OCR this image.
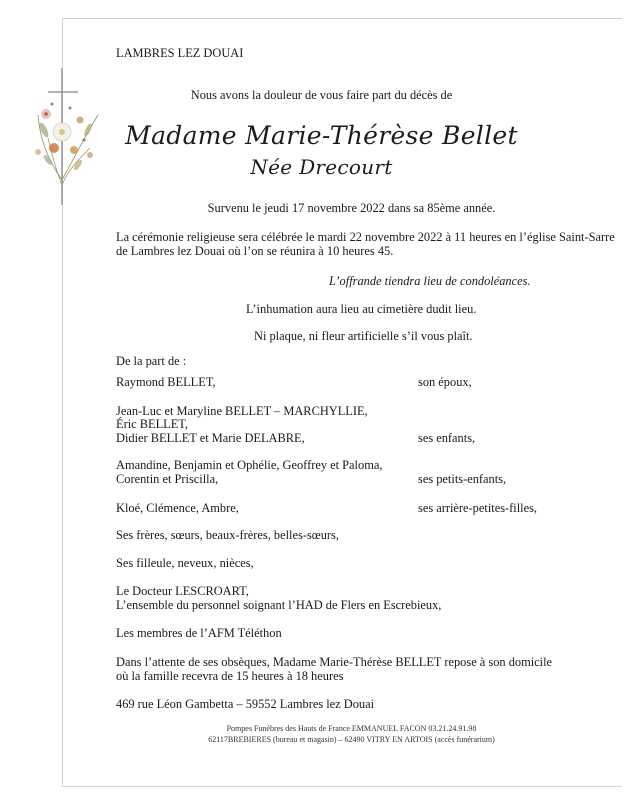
LAMBRES LEZ DOUAI
Nous avons la douleur de vous faire part du décès de
Madame Marie-Thérèse Bellet
Née Drecourt
Survenu le jeudi 17 novembre 2022 dans sa 85ème année.
La cérémonie religieuse sera célébrée le mardi 22 novembre 2022 à 11 heures en l’église Saint-Sarre
de Lambres lez Douai où l’on se réunira à 10 heures 45.
L’offrande tiendra lieu de condoléances.
L’inhumation aura lieu au cimetière dudit lieu.
Ni plaque, ni fleur artificielle s’il vous plaît.
De la part de :
Raymond BELLET,	son époux,
Jean-Luc et Maryline BELLET – MARCHYLLIE,
Éric BELLET,
Didier BELLET et Marie DELABRE,	ses enfants,
Amandine, Benjamin et Ophélie, Geoffrey et Paloma,
Corentin et Priscilla,	ses petits-enfants,
Kloé, Clémence, Ambre,	ses arrière-petites-filles,
Ses frères, sœurs, beaux-frères, belles-sœurs,
Ses filleule, neveux, nièces,
Le Docteur LESCROART,
L’ensemble du personnel soignant l’HAD de Flers en Escrebieux,
Les membres de l’AFM Téléthon
Dans l’attente de ses obsèques, Madame Marie-Thérèse BELLET repose à son domicile
où la famille recevra de 15 heures à 18 heures
469 rue Léon Gambetta – 59552 Lambres lez Douai
Pompes Funèbres des Hauts de France EMMANUEL FACON 03.21.24.91.98
62117BREBIERES (bureau et magasin) – 62490 VITRY EN ARTOIS (accès funérarium)
